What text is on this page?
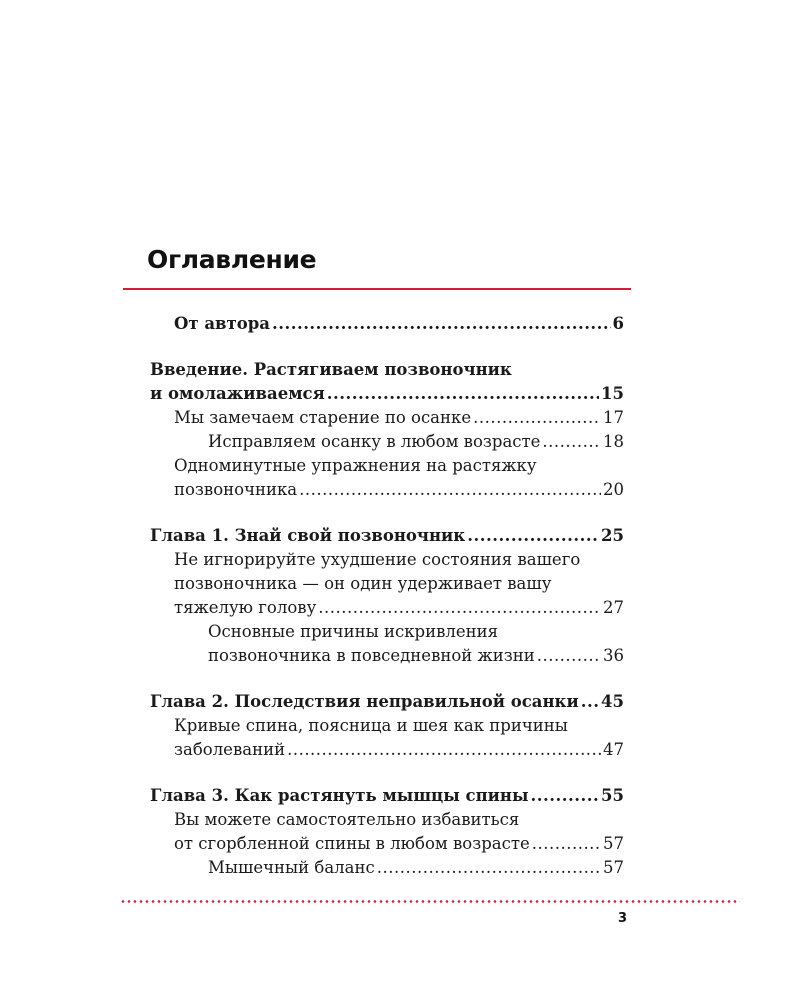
Оглавление
От автора .....	6
Введение. Растягиваем позвоночник
и омолаживаемся .....	15
Мы замечаем старение по осанке .....	17
Исправляем осанку в любом возрасте .....	18
Одноминутные упражнения на растяжку
позвоночника .....	20
Глава 1. Знай свой позвоночник .....	25
Не игнорируйте ухудшение состояния вашего
позвоночника — он один удерживает вашу
тяжелую голову .....	27
Основные причины искривления
позвоночника в повседневной жизни .....	36
Глава 2. Последствия неправильной осанки ..... 45
Кривые спина, поясница и шея как причины
заболеваний .....	47
Глава 3. Как растянуть мышцы спины .....	55
Вы можете самостоятельно избавиться
от сгорбленной спины в любом возрасте .....	57
Мышечный баланс .....	57
3
